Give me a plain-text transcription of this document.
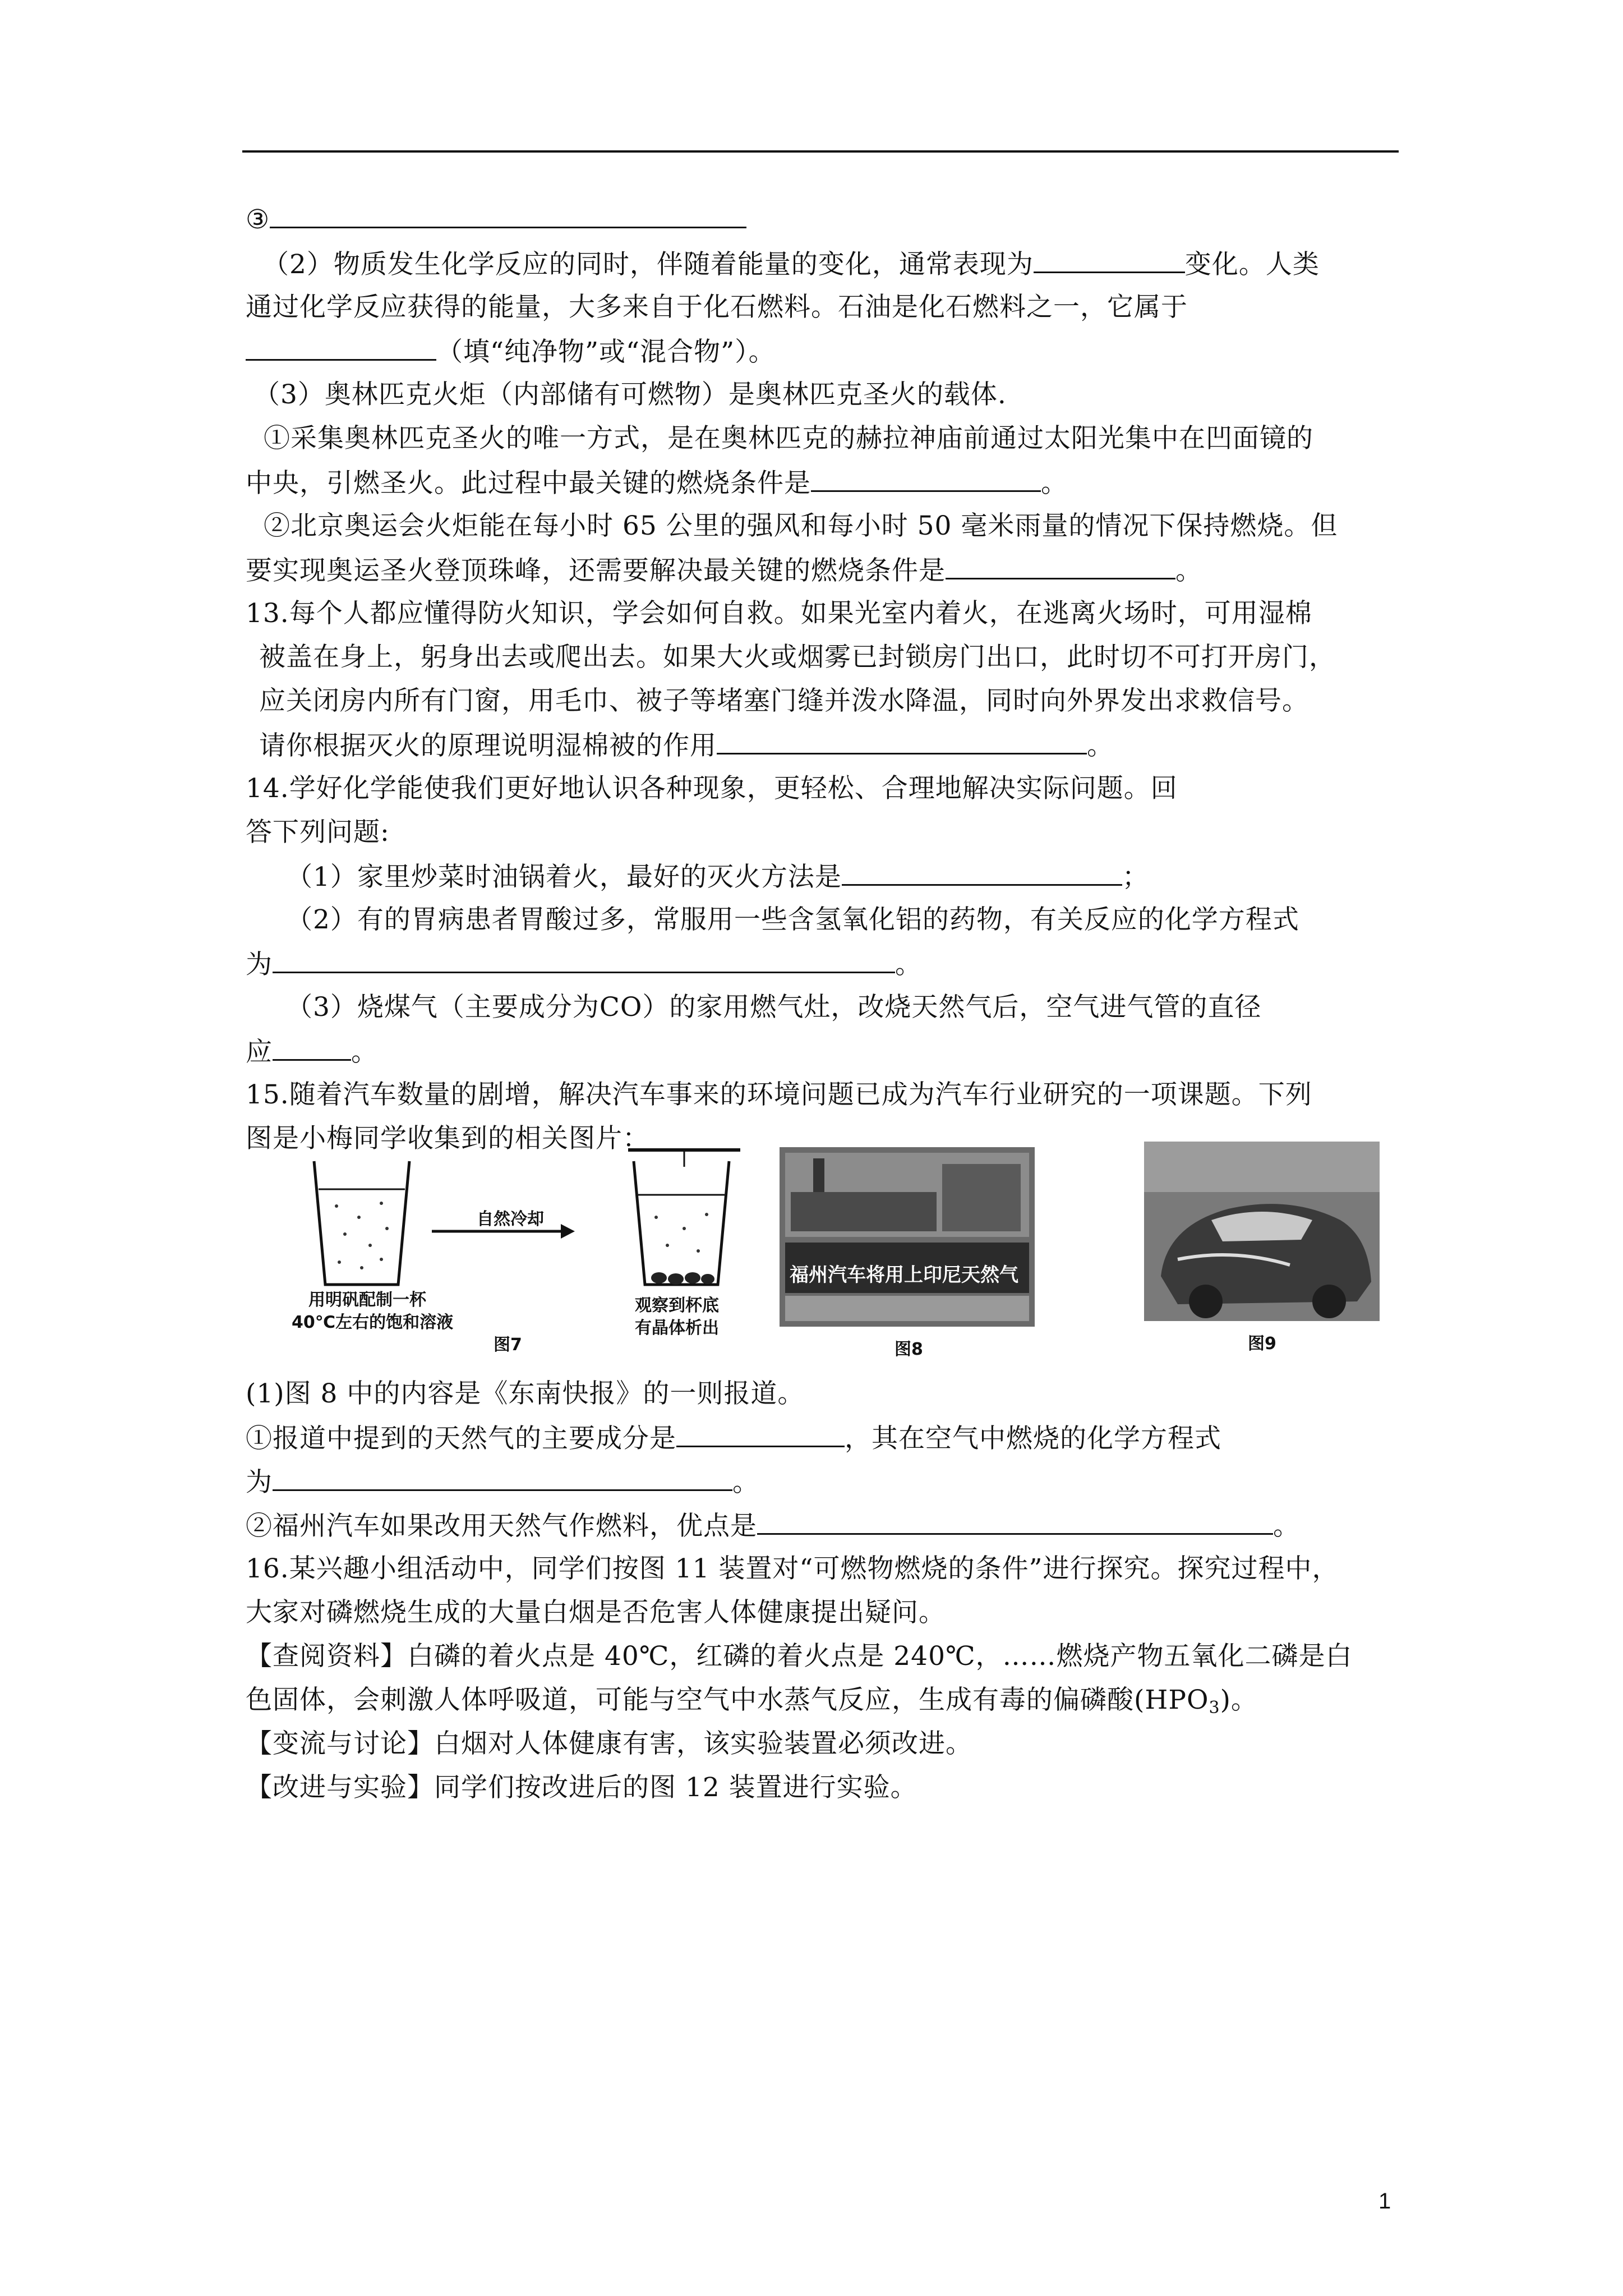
③
（2）物质发生化学反应的同时，伴随着能量的变化，通常表现为	变化。人类
通过化学反应获得的能量，大多来自于化石燃料。石油是化石燃料之一，它属于
（填“纯净物”或“混合物”）。
（3）奥林匹克火炬（内部储有可燃物）是奥林匹克圣火的载体.
①采集奥林匹克圣火的唯一方式，是在奥林匹克的赫拉神庙前通过太阳光集中在凹面镜的
中央，引燃圣火。此过程中最关键的燃烧条件是	。
②北京奥运会火炬能在每小时 65 公里的强风和每小时 50 毫米雨量的情况下保持燃烧。但
要实现奥运圣火登顶珠峰，还需要解决最关键的燃烧条件是	。
13.每个人都应懂得防火知识，学会如何自救。如果光室内着火，在逃离火场时，可用湿棉
被盖在身上，躬身出去或爬出去。如果大火或烟雾已封锁房门出口，此时切不可打开房门，
应关闭房内所有门窗，用毛巾、被子等堵塞门缝并泼水降温，同时向外界发出求救信号。
请你根据灭火的原理说明湿棉被的作用	。
14.学好化学能使我们更好地认识各种现象，更轻松、合理地解决实际问题。回
答下列问题:
（1）家里炒菜时油锅着火，最好的灭火方法是	；
（2）有的胃病患者胃酸过多，常服用一些含氢氧化铝的药物，有关反应的化学方程式
为	。
（3）烧煤气（主要成分为CO）的家用燃气灶，改烧天然气后，空气进气管的直径
应	。
15.随着汽车数量的剧增，解决汽车事来的环境问题已成为汽车行业研究的一项课题。下列
图是小梅同学收集到的相关图片：
自然冷却
用明矾配制一杯
40℃左右的饱和溶液
观察到杯底
有晶体析出
图7
福州汽车将用上印尼天然气
图8	图9
(1)图 8 中的内容是《东南快报》的一则报道。
①报道中提到的天然气的主要成分是	，其在空气中燃烧的化学方程式
为	。
②福州汽车如果改用天然气作燃料，优点是	。
16.某兴趣小组活动中，同学们按图 11 装置对“可燃物燃烧的条件”进行探究。探究过程中，
大家对磷燃烧生成的大量白烟是否危害人体健康提出疑问。
【查阅资料】白磷的着火点是 40℃，红磷的着火点是 240℃，……燃烧产物五氧化二磷是白
色固体，会刺激人体呼吸道，可能与空气中水蒸气反应，生成有毒的偏磷酸$(HPO_3)$。
【变流与讨论】白烟对人体健康有害，该实验装置必须改进。
【改进与实验】同学们按改进后的图 12 装置进行实验。
1
